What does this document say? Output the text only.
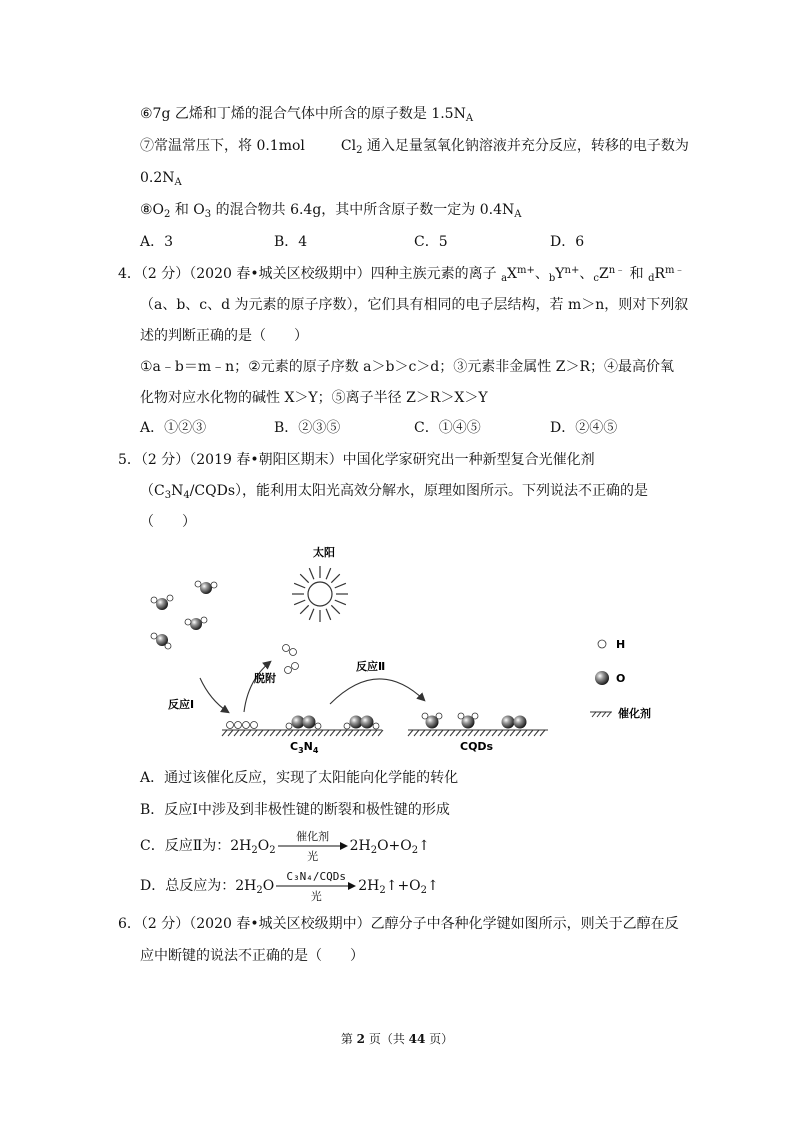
⑥7g 乙烯和丁烯的混合气体中所含的原子数是 $1.5N_A$
⑦常温常压下，将 0.1mol	$Cl_2$ 通入足量氢氧化钠溶液并充分反应，转移的电子数为
$0.2N_A$
$⑧O_2$ 和 $O_3$ 的混合物共 6.4g，其中所含原子数一定为 $0.4N_A$
A．3	B．4	C．5	D．6
4．（2 分）（2020 春•城关区校级期中）四种主族元素的离子 $_aX^{m+}$、$_bY^{n+}$、$_cZ^{n﹣}$ 和 $_dR^{m﹣}$
（a、b、c、d 为元素的原子序数），它们具有相同的电子层结构，若 m＞n，则对下列叙
述的判断正确的是（　　）
①a﹣b＝m﹣n；②元素的原子序数 a＞b＞c＞d；③元素非金属性 Z＞R；④最高价氧
化物对应水化物的碱性 X＞Y；⑤离子半径 Z＞R＞X＞Y
A．①②③	B．②③⑤	C．①④⑤	D．②④⑤
5．（2 分）（2019 春•朝阳区期末）中国化学家研究出一种新型复合光催化剂
$(C_3N_4/CQDs)$，能利用太阳光高效分解水，原理如图所示。下列说法不正确的是
（　　）
太阳
反应Ⅰ
脱附
反应Ⅱ
$C_3N_4$	CQDs
H
O
催化剂
A．通过该催化反应，实现了太阳能向化学能的转化
B．反应Ⅰ中涉及到非极性键的断裂和极性键的形成
C．反应Ⅱ为：$2H_2O_2$
催化剂
光
$2H_2O+O_2↑$
D．总反应为：$2H_2O$
C₃N₄/CQDs
光
$2H_2↑+O_2↑$
6．（2 分）（2020 春•城关区校级期中）乙醇分子中各种化学键如图所示，则关于乙醇在反
应中断键的说法不正确的是（　　）
第 2 页（共 44 页）
